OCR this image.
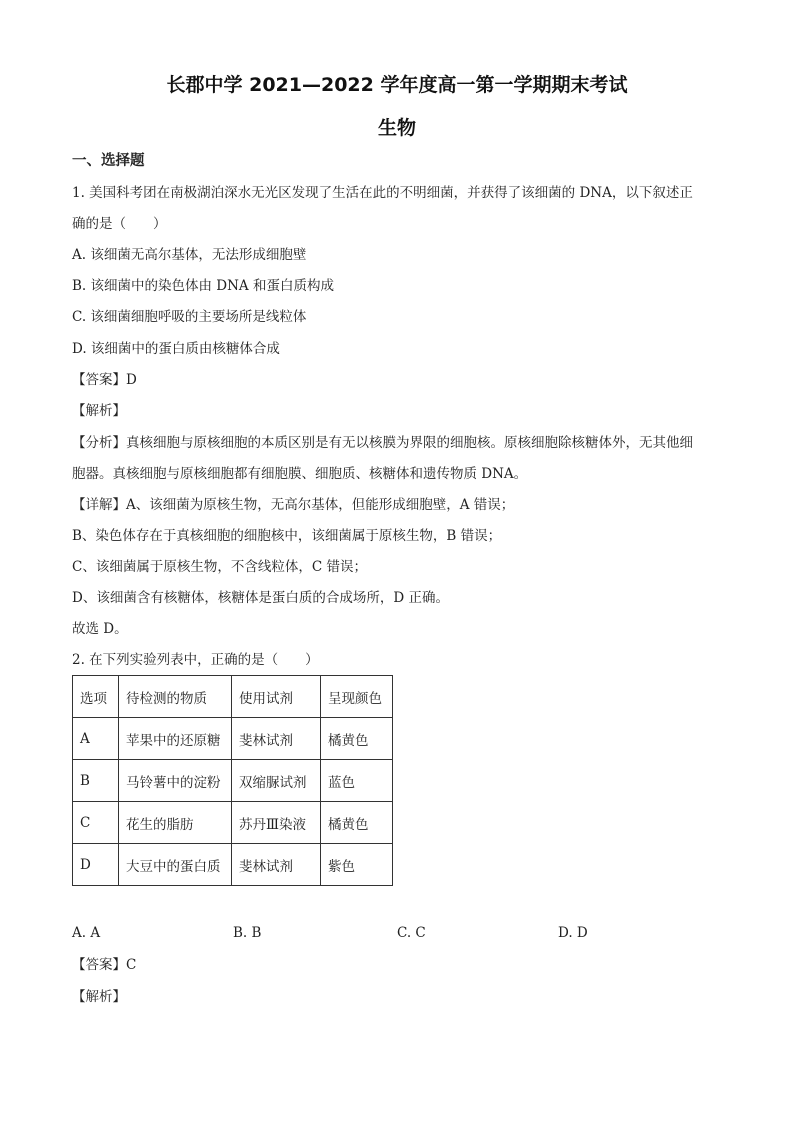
长郡中学 2021—2022 学年度高一第一学期期末考试
生物
一、选择题
1. 美国科考团在南极湖泊深水无光区发现了生活在此的不明细菌，并获得了该细菌的 DNA，以下叙述正
确的是（　　）
A. 该细菌无高尔基体，无法形成细胞壁
B. 该细菌中的染色体由 DNA 和蛋白质构成
C. 该细菌细胞呼吸的主要场所是线粒体
D. 该细菌中的蛋白质由核糖体合成
【答案】D
【解析】
【分析】真核细胞与原核细胞的本质区别是有无以核膜为界限的细胞核。原核细胞除核糖体外，无其他细
胞器。真核细胞与原核细胞都有细胞膜、细胞质、核糖体和遗传物质 DNA。
【详解】A、该细菌为原核生物，无高尔基体，但能形成细胞壁，A 错误；
B、染色体存在于真核细胞的细胞核中，该细菌属于原核生物，B 错误；
C、该细菌属于原核生物，不含线粒体，C 错误；
D、该细菌含有核糖体，核糖体是蛋白质的合成场所，D 正确。
故选 D。
2. 在下列实验列表中，正确的是（　　）
选项	待检测的物质	使用试剂	呈现颜色
A	苹果中的还原糖	斐林试剂	橘黄色
B	马铃薯中的淀粉	双缩脲试剂	蓝色
C	花生的脂肪	苏丹Ⅲ染液	橘黄色
D	大豆中的蛋白质	斐林试剂	紫色
A. A	B. B	C. C	D. D
【答案】C
【解析】
